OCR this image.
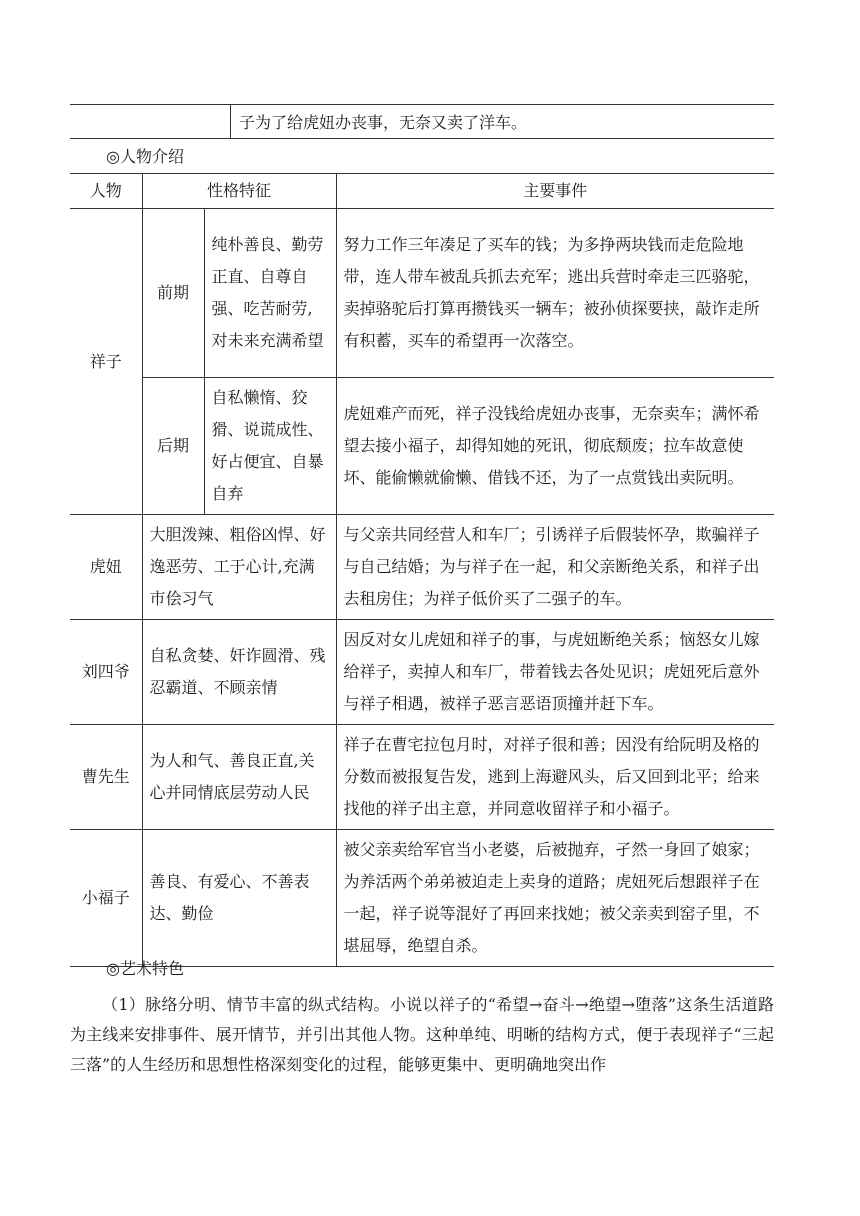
	子为了给虎妞办丧事，无奈又卖了洋车。
◎人物介绍
人物	性格特征		主要事件
祥子	前期	纯朴善良、勤劳正直、自尊自强、吃苦耐劳,对未来充满希望	努力工作三年凑足了买车的钱；为多挣两块钱而走危险地带，连人带车被乱兵抓去充军；逃出兵营时牵走三匹骆驼，卖掉骆驼后打算再攒钱买一辆车；被孙侦探要挟，敲诈走所有积蓄，买车的希望再一次落空。
	后期	自私懒惰、狡猾、说谎成性、好占便宜、自暴自弃	虎妞难产而死，祥子没钱给虎妞办丧事，无奈卖车；满怀希望去接小福子，却得知她的死讯，彻底颓废；拉车故意使坏、能偷懒就偷懒、借钱不还，为了一点赏钱出卖阮明。
虎妞	大胆泼辣、粗俗凶悍、好逸恶劳、工于心计,充满市侩习气		与父亲共同经营人和车厂；引诱祥子后假装怀孕，欺骗祥子与自己结婚；为与祥子在一起，和父亲断绝关系，和祥子出去租房住；为祥子低价买了二强子的车。
刘四爷	自私贪婪、奸诈圆滑、残忍霸道、不顾亲情		因反对女儿虎妞和祥子的事，与虎妞断绝关系；恼怒女儿嫁给祥子，卖掉人和车厂，带着钱去各处见识；虎妞死后意外与祥子相遇，被祥子恶言恶语顶撞并赶下车。
曹先生	为人和气、善良正直,关心并同情底层劳动人民		祥子在曹宅拉包月时，对祥子很和善；因没有给阮明及格的分数而被报复告发，逃到上海避风头，后又回到北平；给来找他的祥子出主意，并同意收留祥子和小福子。
小福子	善良、有爱心、不善表达、勤俭		被父亲卖给军官当小老婆，后被抛弃，孑然一身回了娘家；为养活两个弟弟被迫走上卖身的道路；虎妞死后想跟祥子在一起，祥子说等混好了再回来找她；被父亲卖到窑子里，不堪屈辱，绝望自杀。
◎艺术特色

（1）脉络分明、情节丰富的纵式结构。小说以祥子的“希望→奋斗→绝望→堕落”这条生活道路为主线来安排事件、展开情节，并引出其他人物。这种单纯、明晰的结构方式，便于表现祥子“三起三落”的人生经历和思想性格深刻变化的过程，能够更集中、更明确地突出作
